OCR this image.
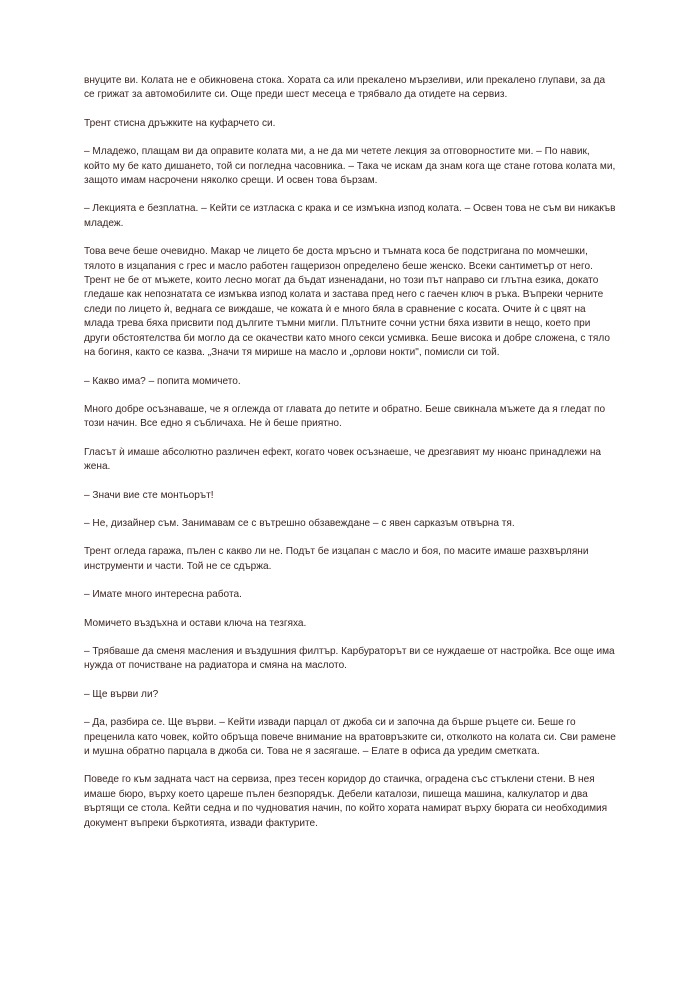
внуците ви. Колата не е обикновена стока. Хората са или прекалено мързеливи, или прекалено глупави, за да се грижат за автомобилите си. Още преди шест месеца е трябвало да отидете на сервиз.

Трент стисна дръжките на куфарчето си.

– Младежо, плащам ви да оправите колата ми, а не да ми четете лекция за отговорностите ми. – По навик, който му бе като дишането, той си погледна часовника. – Така че искам да знам кога ще стане готова колата ми, защото имам насрочени няколко срещи. И освен това бързам.

– Лекцията е безплатна. – Кейти се изтласка с крака и се измъкна изпод колата. – Освен това не съм ви никакъв младеж.

Това вече беше очевидно. Макар че лицето бе доста мръсно и тъмната коса бе подстригана по момчешки, тялото в изцапания с грес и масло работен гащеризон определено беше женско. Всеки сантиметър от него. Трент не бе от мъжете, които лесно могат да бъдат изненадани, но този път направо си глътна езика, докато гледаше как непознатата се измъква изпод колата и застава пред него с гаечен ключ в ръка. Въпреки черните следи по лицето ѝ, веднага се виждаше, че кожата ѝ е много бяла в сравнение с косата. Очите ѝ с цвят на млада трева бяха присвити под дългите тъмни мигли. Плътните сочни устни бяха извити в нещо, което при други обстоятелства би могло да се окачестви като много секси усмивка. Беше висока и добре сложена, с тяло на богиня, както се казва. „Значи тя мирише на масло и „орлови нокти", помисли си той.

– Какво има? – попита момичето.

Много добре осъзнаваше, че я оглежда от главата до петите и обратно. Беше свикнала мъжете да я гледат по този начин. Все едно я събличаха. Не ѝ беше приятно.

Гласът ѝ имаше абсолютно различен ефект, когато човек осъзнаеше, че дрезгавият му нюанс принадлежи на жена.

– Значи вие сте монтьорът!

– Не, дизайнер съм. Занимавам се с вътрешно обзавеждане – с явен сарказъм отвърна тя.

Трент огледа гаража, пълен с какво ли не. Подът бе изцапан с масло и боя, по масите имаше разхвърляни инструменти и части. Той не се сдържа.

– Имате много интересна работа.

Момичето въздъхна и остави ключа на тезгяха.

– Трябваше да сменя масления и въздушния филтър. Карбураторът ви се нуждаеше от настройка. Все още има нужда от почистване на радиатора и смяна на маслото.

– Ще върви ли?

– Да, разбира се. Ще върви. – Кейти извади парцал от джоба си и започна да бърше ръцете си. Беше го преценила като човек, който обръща повече внимание на вратовръзките си, отколкото на колата си. Сви рамене и мушна обратно парцала в джоба си. Това не я засягаше. – Елате в офиса да уредим сметката.

Поведе го към задната част на сервиза, през тесен коридор до стаичка, оградена със стъклени стени. В нея имаше бюро, върху което цареше пълен безпорядък. Дебели каталози, пишеща машина, калкулатор и два въртящи се стола. Кейти седна и по чудноватия начин, по който хората намират върху бюрата си необходимия документ въпреки бъркотията, извади фактурите.
